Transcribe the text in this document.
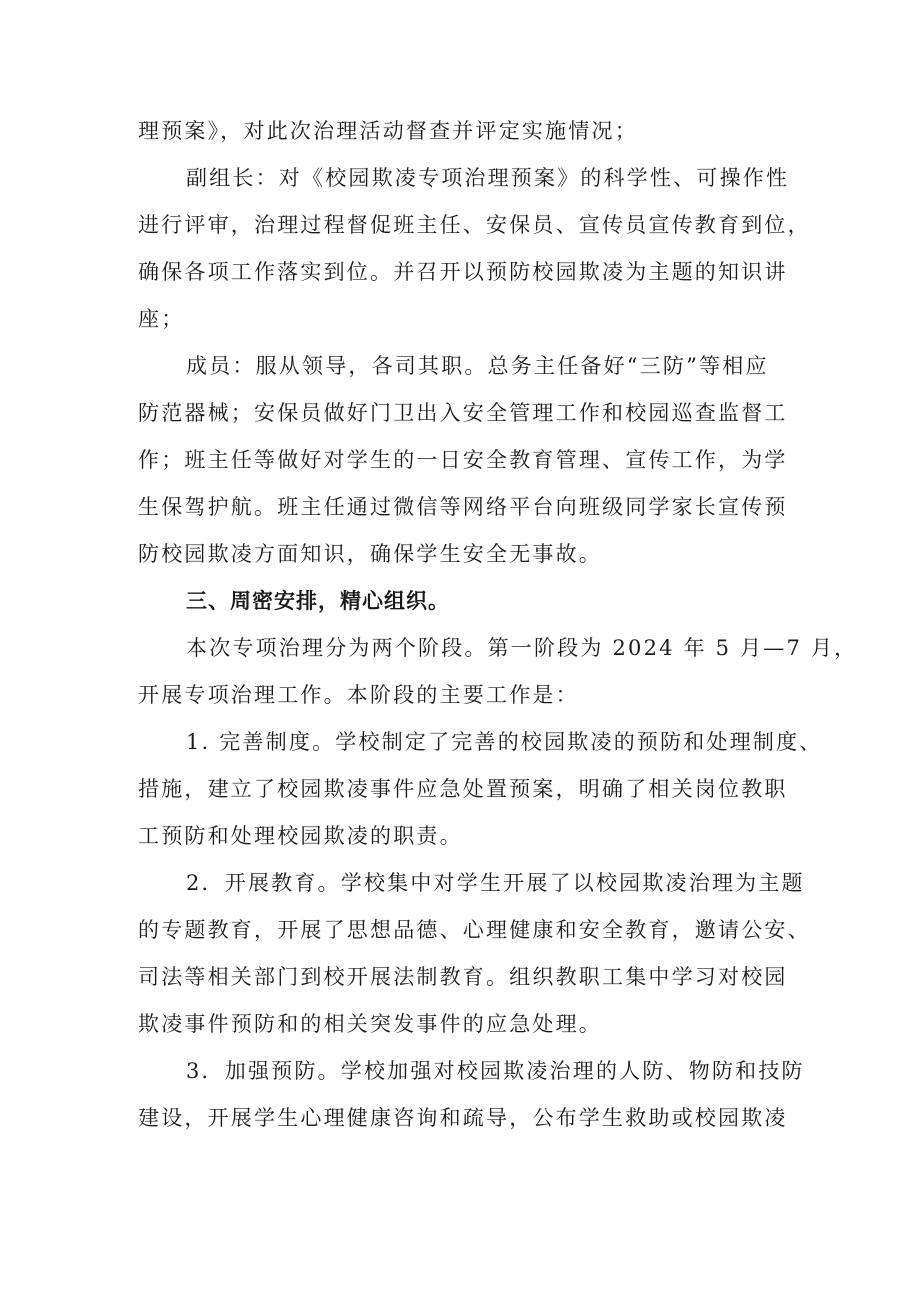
理预案》，对此次治理活动督查并评定实施情况；
副组长：对《校园欺凌专项治理预案》的科学性、可操作性
进行评审，治理过程督促班主任、安保员、宣传员宣传教育到位，
确保各项工作落实到位。并召开以预防校园欺凌为主题的知识讲
座；
成员：服从领导，各司其职。总务主任备好“三防”等相应
防范器械；安保员做好门卫出入安全管理工作和校园巡查监督工
作；班主任等做好对学生的一日安全教育管理、宣传工作，为学
生保驾护航。班主任通过微信等网络平台向班级同学家长宣传预
防校园欺凌方面知识，确保学生安全无事故。
三、周密安排，精心组织。
本次专项治理分为两个阶段。第一阶段为 2024 年 5 月—7 月，
开展专项治理工作。本阶段的主要工作是：
1. 完善制度。学校制定了完善的校园欺凌的预防和处理制度、
措施，建立了校园欺凌事件应急处置预案，明确了相关岗位教职
工预防和处理校园欺凌的职责。
2．开展教育。学校集中对学生开展了以校园欺凌治理为主题
的专题教育，开展了思想品德、心理健康和安全教育，邀请公安、
司法等相关部门到校开展法制教育。组织教职工集中学习对校园
欺凌事件预防和的相关突发事件的应急处理。
3．加强预防。学校加强对校园欺凌治理的人防、物防和技防
建设，开展学生心理健康咨询和疏导，公布学生救助或校园欺凌
